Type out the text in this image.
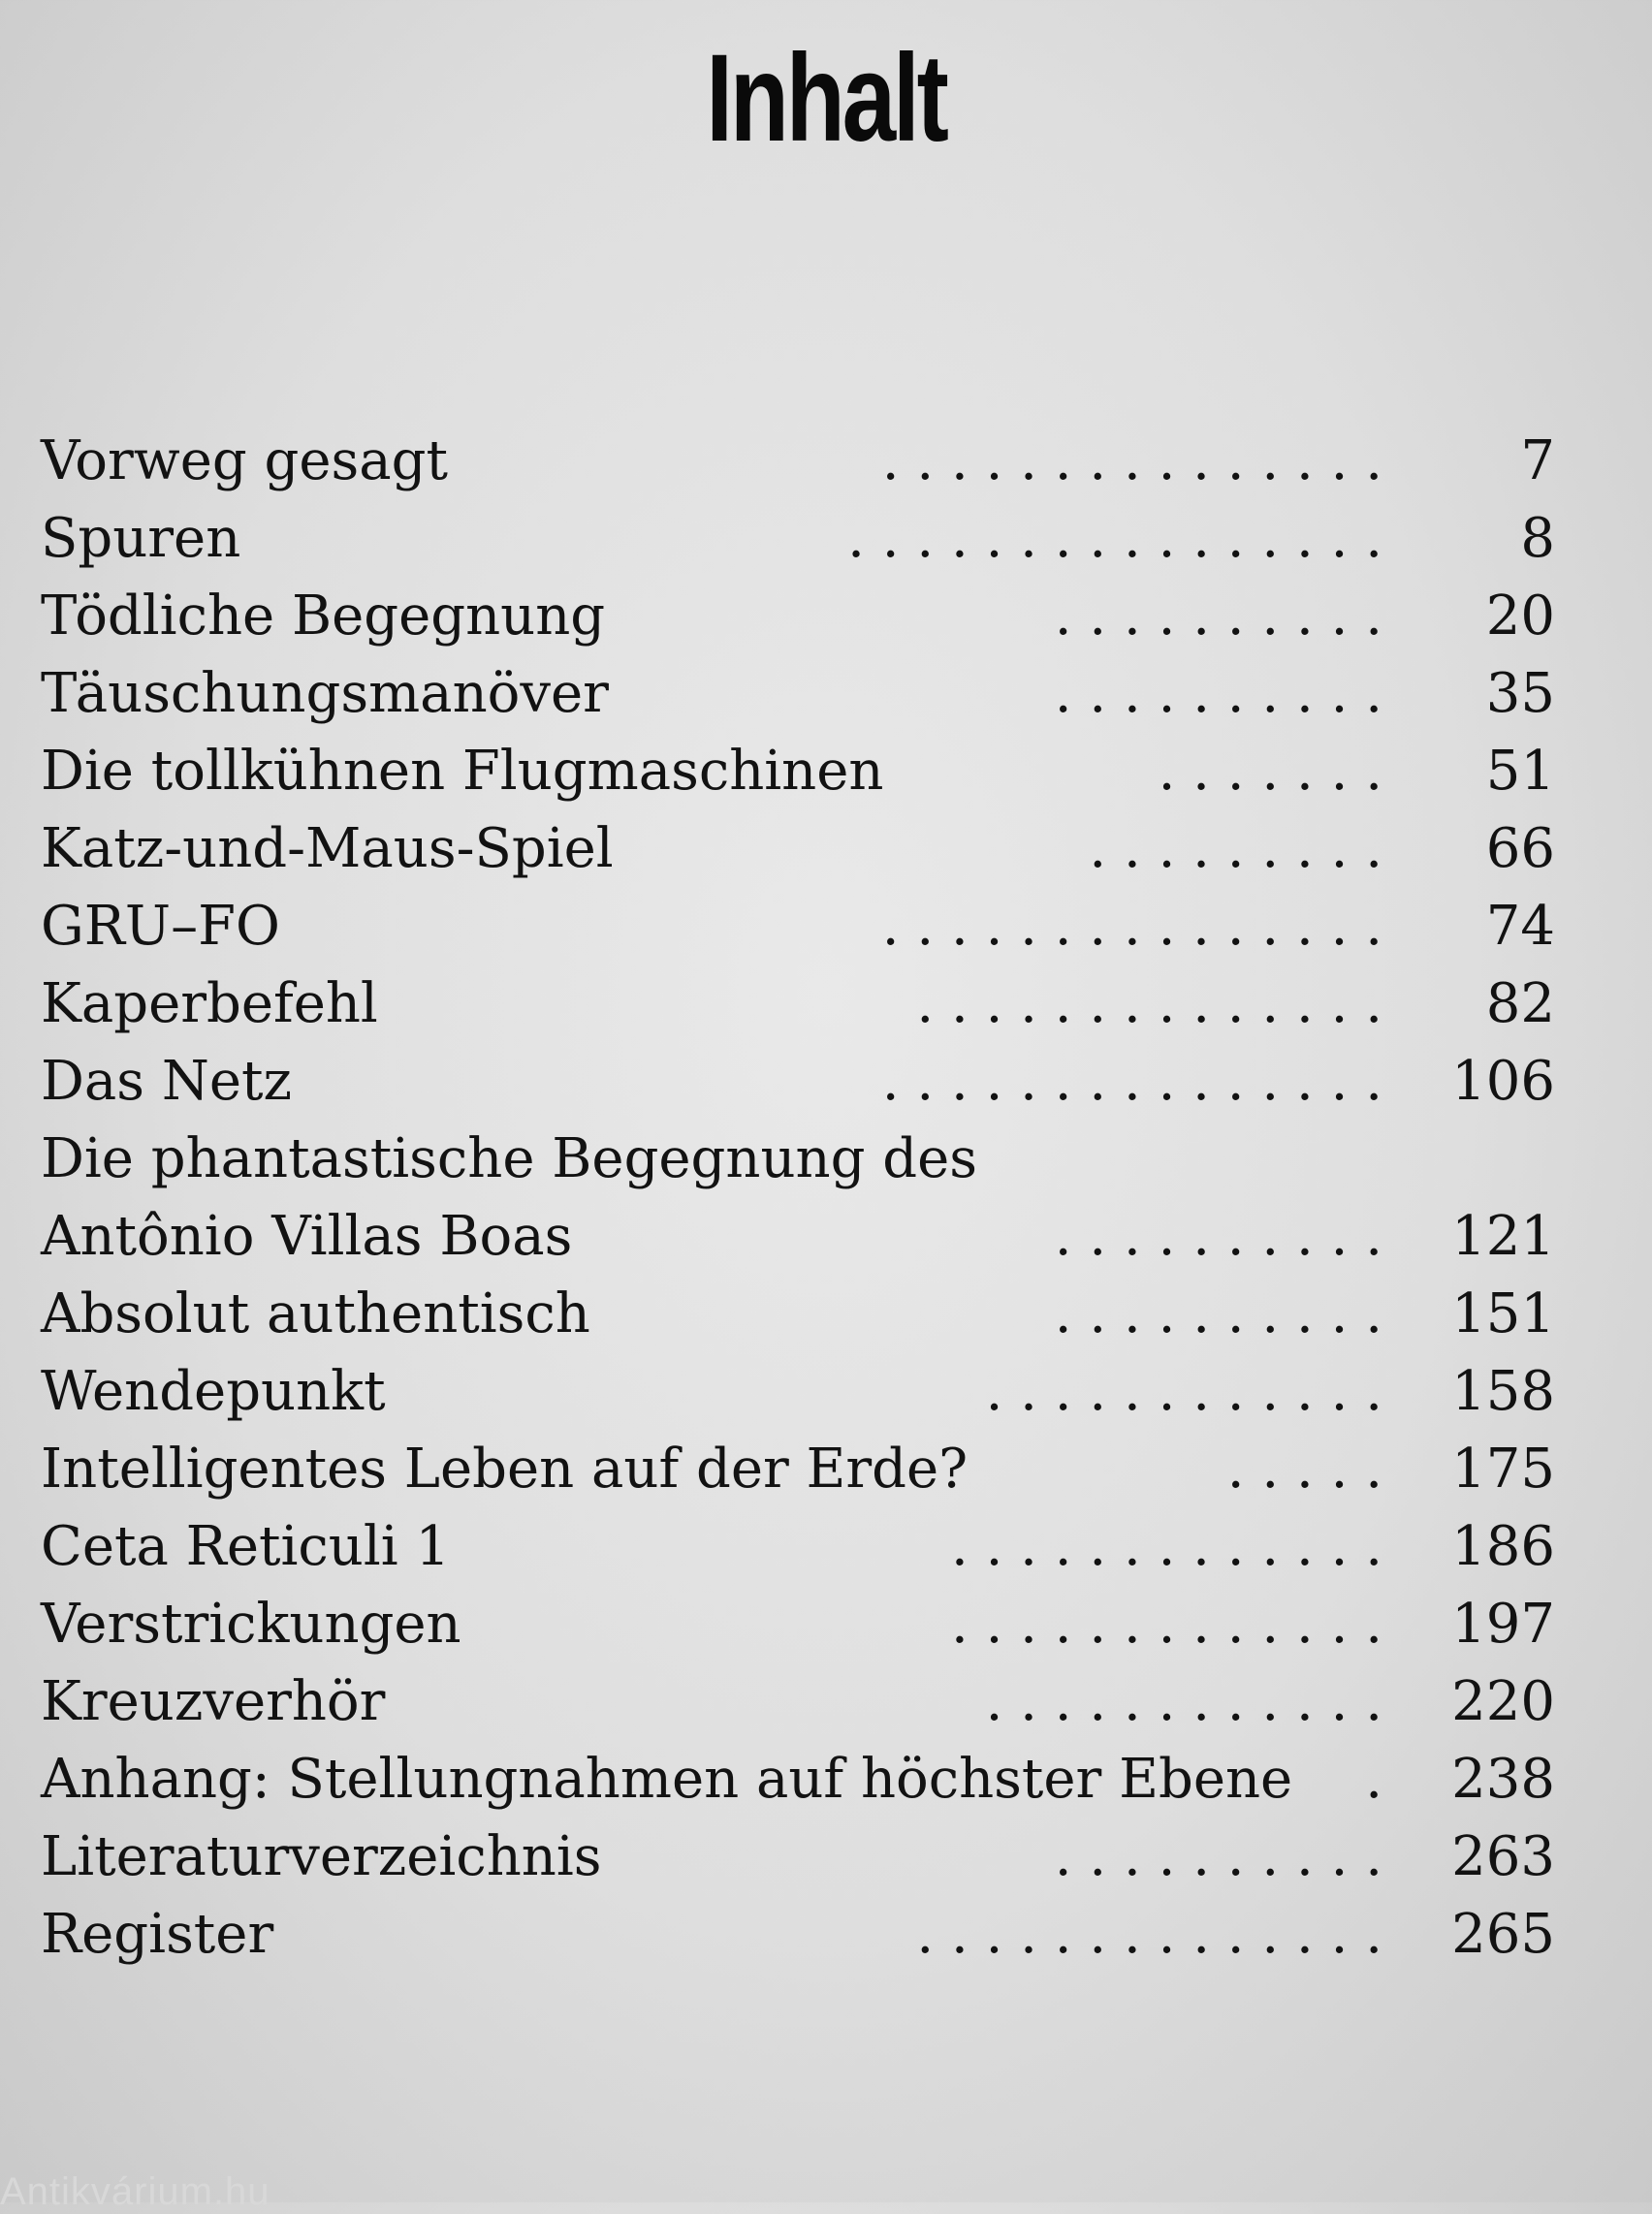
Inhalt
Vorweg gesagt	. . . . . . . . . . . . . . .	7
Spuren	. . . . . . . . . . . . . . . .	8
Tödliche Begegnung	. . . . . . . . . . 20
Täuschungsmanöver	. . . . . . . . . . 35
Die tollkühnen Flugmaschinen	. . . . . . . 51
Katz-und-Maus-Spiel	. . . . . . . . . 66
GRU–FO	. . . . . . . . . . . . . . . 74
Kaperbefehl	. . . . . . . . . . . . . . 82
Das Netz	. . . . . . . . . . . . . . . 106
Die phantastische Begegnung des
Antônio Villas Boas	. . . . . . . . . . 121
Absolut authentisch	. . . . . . . . . . 151
Wendepunkt	. . . . . . . . . . . . 158
Intelligentes Leben auf der Erde?	. . . . . 175
Ceta Reticuli 1	. . . . . . . . . . . . . 186
Verstrickungen	. . . . . . . . . . . . . 197
Kreuzverhör	. . . . . . . . . . . . 220
Anhang: Stellungnahmen auf höchster Ebene	. 238
Literaturverzeichnis	. . . . . . . . . . 263
Register	. . . . . . . . . . . . . . 265
Antikvárium.hu
